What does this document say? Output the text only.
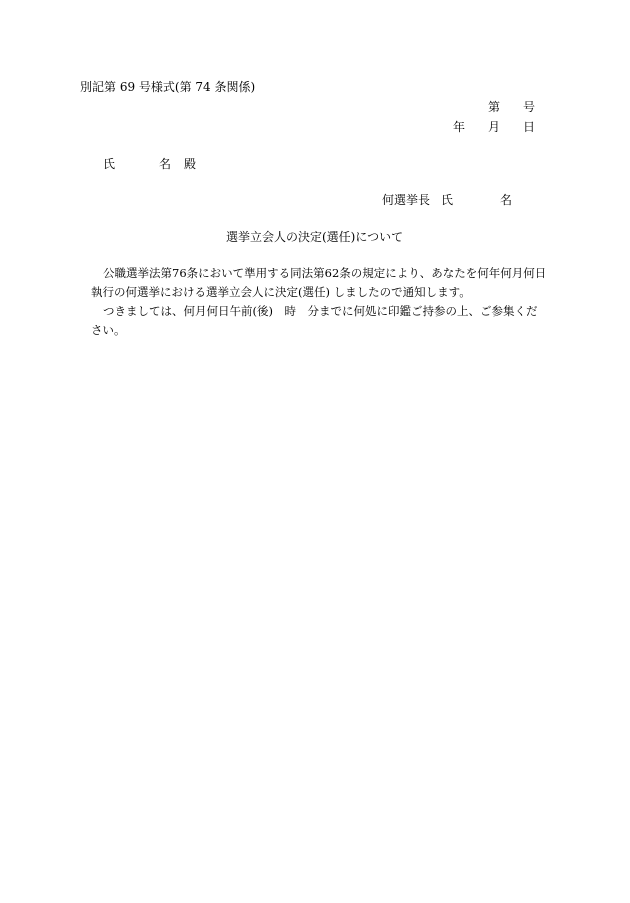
別記第 69 号様式(第 74 条関係)
第 号
年 月 日
氏	名 殿
何選挙長 氏	名
選挙立会人の決定(選任)について
公職選挙法第76条において準用する同法第62条の規定により、あなたを何年何月何日
執行の何選挙における選挙立会人に決定(選任) しましたので通知します。
つきましては、何月何日午前(後)　時　分までに何処に印鑑ご持参の上、ご参集くだ
さい。
